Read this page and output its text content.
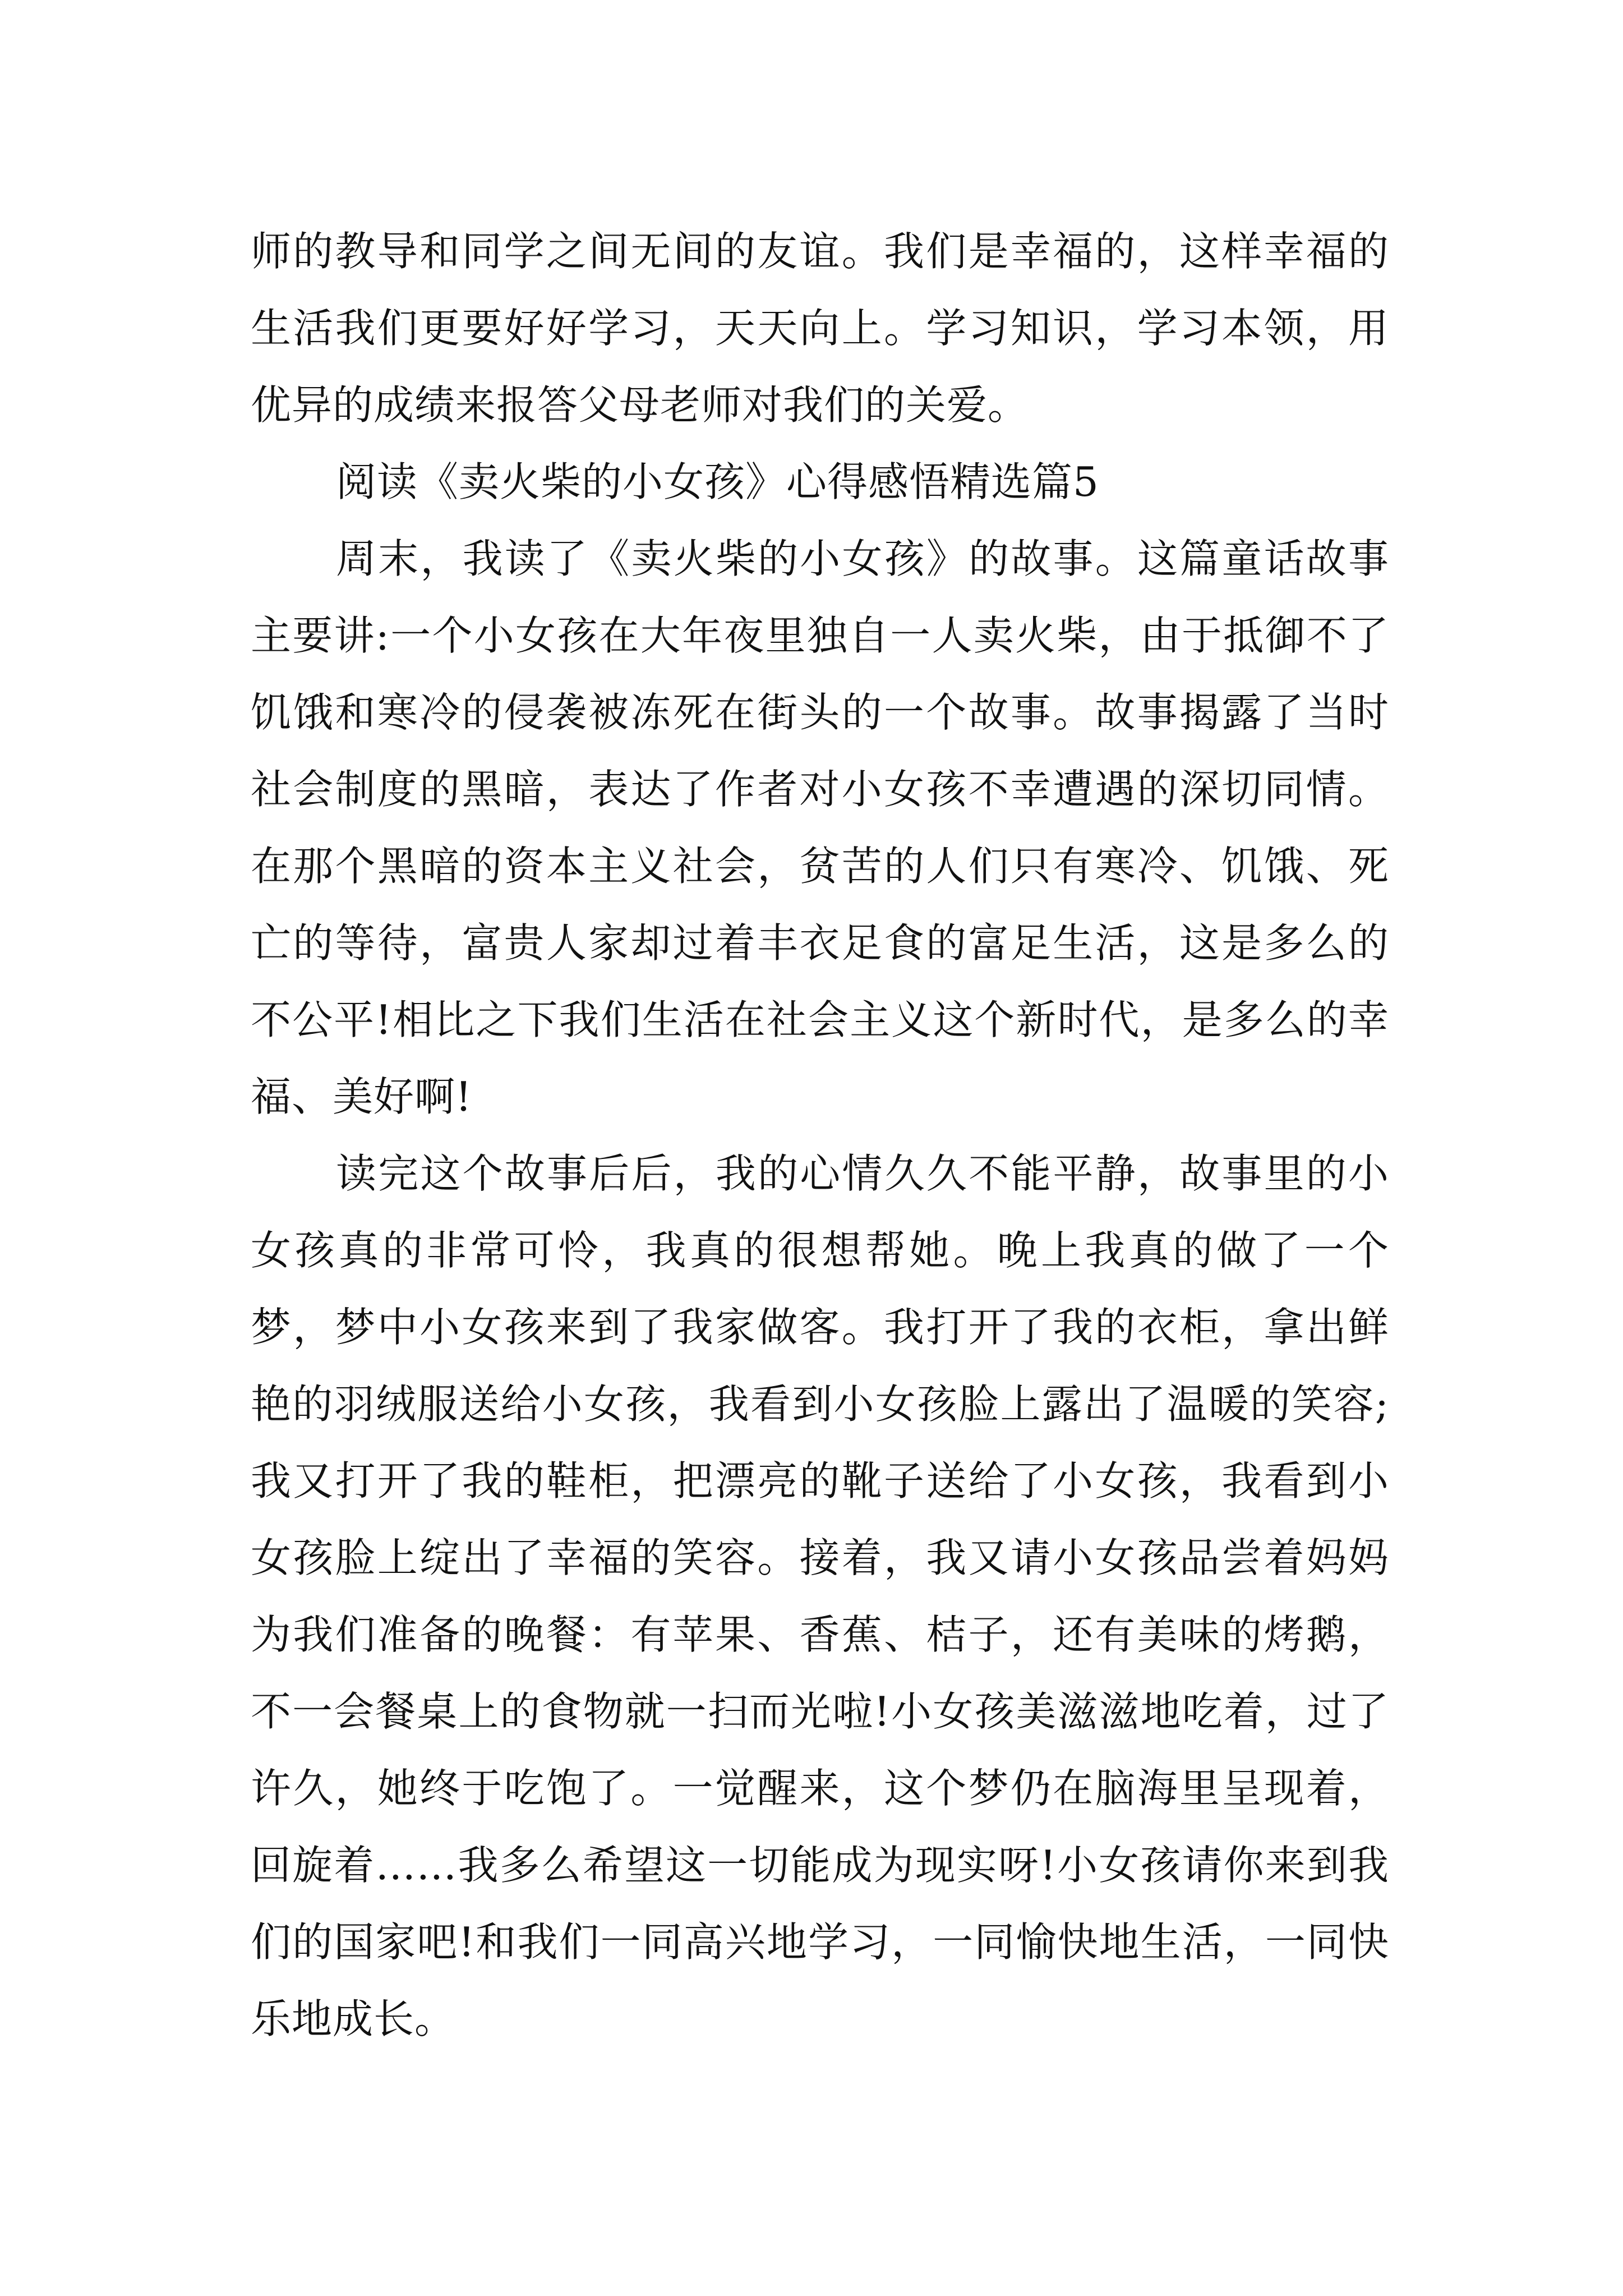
师的教导和同学之间无间的友谊。我们是幸福的，这样幸福的生活我们更要好好学习，天天向上。学习知识，学习本领，用优异的成绩来报答父母老师对我们的关爱。

阅读《卖火柴的小女孩》心得感悟精选篇5

周末，我读了《卖火柴的小女孩》的故事。这篇童话故事主要讲:一个小女孩在大年夜里独自一人卖火柴，由于抵御不了饥饿和寒冷的侵袭被冻死在街头的一个故事。故事揭露了当时社会制度的黑暗，表达了作者对小女孩不幸遭遇的深切同情。在那个黑暗的资本主义社会，贫苦的人们只有寒冷、饥饿、死亡的等待，富贵人家却过着丰衣足食的富足生活，这是多么的不公平!相比之下我们生活在社会主义这个新时代，是多么的幸福、美好啊!

读完这个故事后后，我的心情久久不能平静，故事里的小女孩真的非常可怜，我真的很想帮她。晚上我真的做了一个梦，梦中小女孩来到了我家做客。我打开了我的衣柜，拿出鲜艳的羽绒服送给小女孩，我看到小女孩脸上露出了温暖的笑容;我又打开了我的鞋柜，把漂亮的靴子送给了小女孩，我看到小女孩脸上绽出了幸福的笑容。接着，我又请小女孩品尝着妈妈为我们准备的晚餐：有苹果、香蕉、桔子，还有美味的烤鹅，不一会餐桌上的食物就一扫而光啦!小女孩美滋滋地吃着，过了许久，她终于吃饱了。一觉醒来，这个梦仍在脑海里呈现着，回旋着……我多么希望这一切能成为现实呀!小女孩请你来到我们的国家吧!和我们一同高兴地学习，一同愉快地生活，一同快乐地成长。
